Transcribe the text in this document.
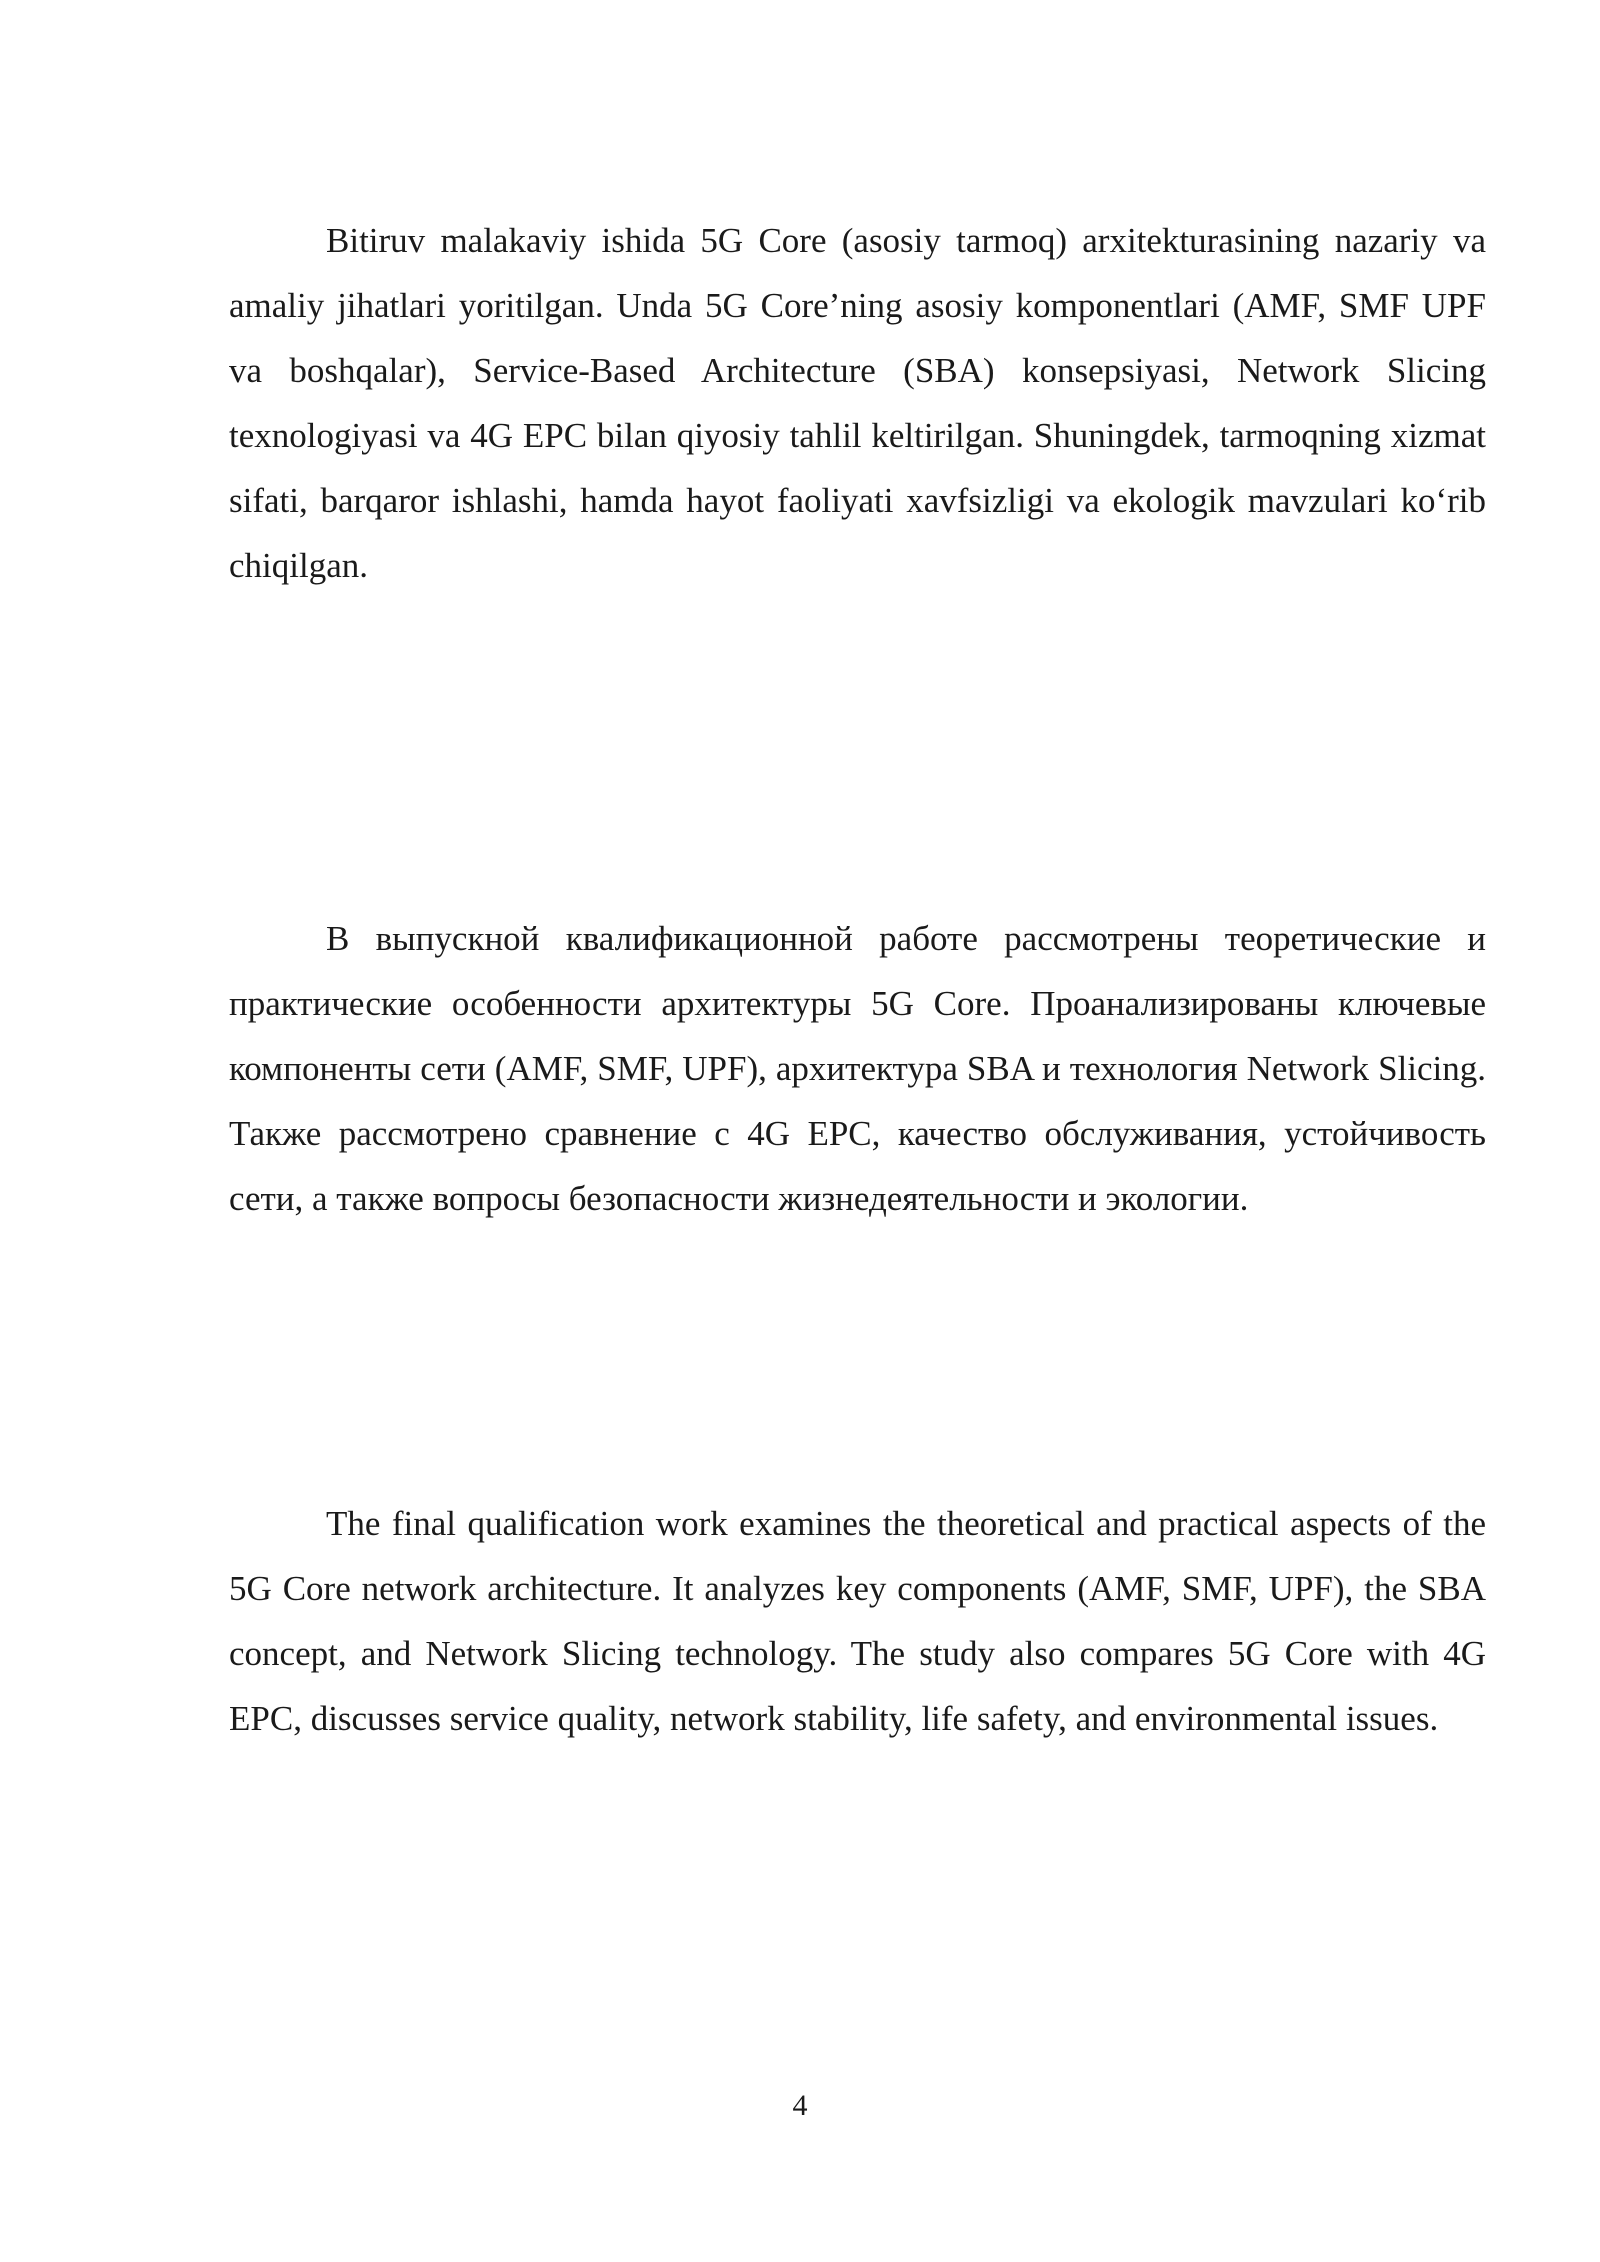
Bitiruv malakaviy ishida 5G Core (asosiy tarmoq) arxitekturasining nazariy va amaliy jihatlari yoritilgan. Unda 5G Core’ning asosiy komponentlari (AMF, SMF UPF va boshqalar), Service-Based Architecture (SBA) konsepsiyasi, Network Slicing texnologiyasi va 4G EPC bilan qiyosiy tahlil keltirilgan. Shuningdek, tarmoqning xizmat sifati, barqaror ishlashi, hamda hayot faoliyati xavfsizligi va ekologik mavzulari ko‘rib chiqilgan.

В выпускной квалификационной работе рассмотрены теоретические и практические особенности архитектуры 5G Core. Проанализированы ключевые компоненты сети (AMF, SMF, UPF), архитектура SBA и технология Network Slicing. Также рассмотрено сравнение с 4G EPC, качество обслуживания, устойчивость сети, а также вопросы безопасности жизнедеятельности и экологии.

The final qualification work examines the theoretical and practical aspects of the 5G Core network architecture. It analyzes key components (AMF, SMF, UPF), the SBA concept, and Network Slicing technology. The study also compares 5G Core with 4G EPC, discusses service quality, network stability, life safety, and environmental issues.

4
